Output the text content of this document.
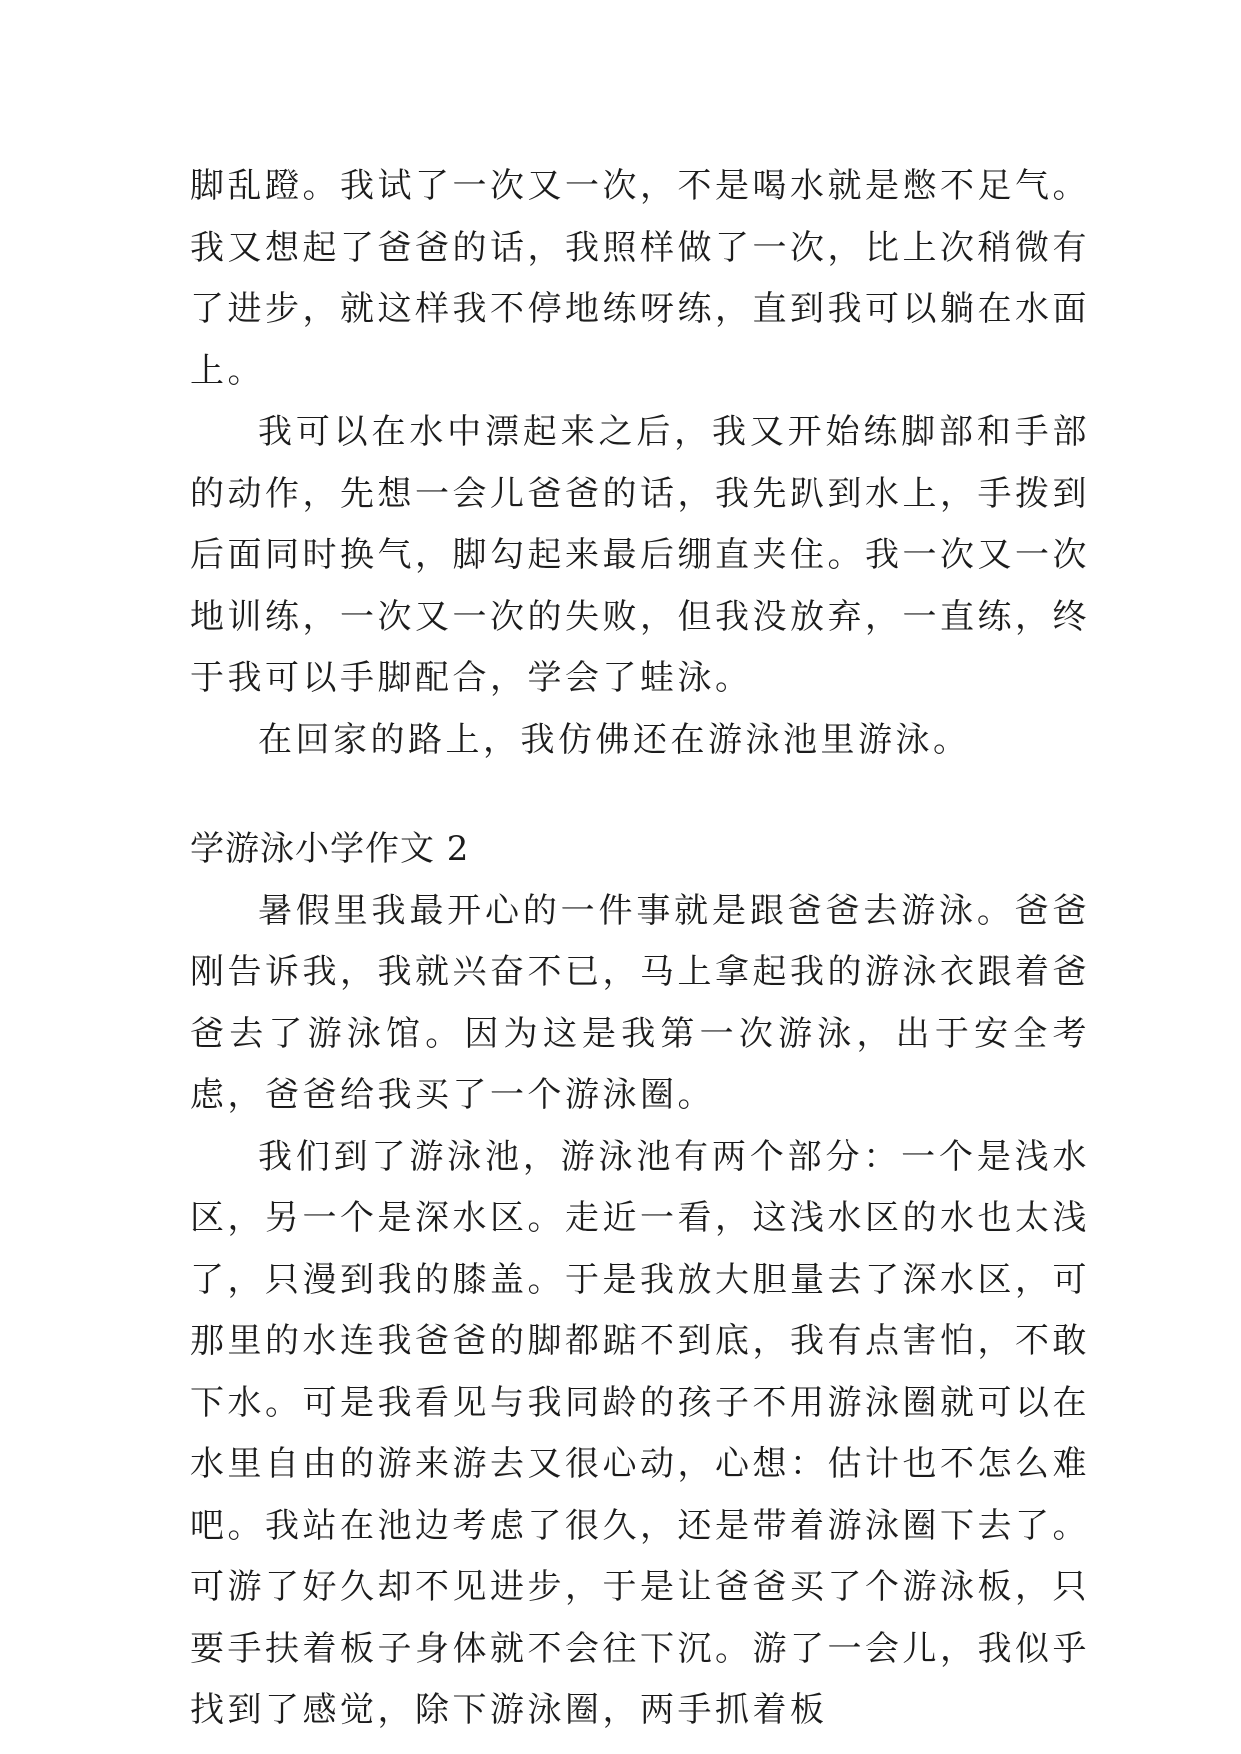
脚乱蹬。我试了一次又一次，不是喝水就是憋不足气。我又想起了爸爸的话，我照样做了一次，比上次稍微有了进步，就这样我不停地练呀练，直到我可以躺在水面上。

我可以在水中漂起来之后，我又开始练脚部和手部的动作，先想一会儿爸爸的话，我先趴到水上，手拨到后面同时换气，脚勾起来最后绷直夹住。我一次又一次地训练，一次又一次的失败，但我没放弃，一直练，终于我可以手脚配合，学会了蛙泳。

在回家的路上，我仿佛还在游泳池里游泳。

学游泳小学作文 2

暑假里我最开心的一件事就是跟爸爸去游泳。爸爸刚告诉我，我就兴奋不已，马上拿起我的游泳衣跟着爸爸去了游泳馆。因为这是我第一次游泳，出于安全考虑，爸爸给我买了一个游泳圈。

我们到了游泳池，游泳池有两个部分：一个是浅水区，另一个是深水区。走近一看，这浅水区的水也太浅了，只漫到我的膝盖。于是我放大胆量去了深水区，可那里的水连我爸爸的脚都踮不到底，我有点害怕，不敢下水。可是我看见与我同龄的孩子不用游泳圈就可以在水里自由的游来游去又很心动，心想：估计也不怎么难吧。我站在池边考虑了很久，还是带着游泳圈下去了。可游了好久却不见进步，于是让爸爸买了个游泳板，只要手扶着板子身体就不会往下沉。游了一会儿，我似乎找到了感觉，除下游泳圈，两手抓着板
